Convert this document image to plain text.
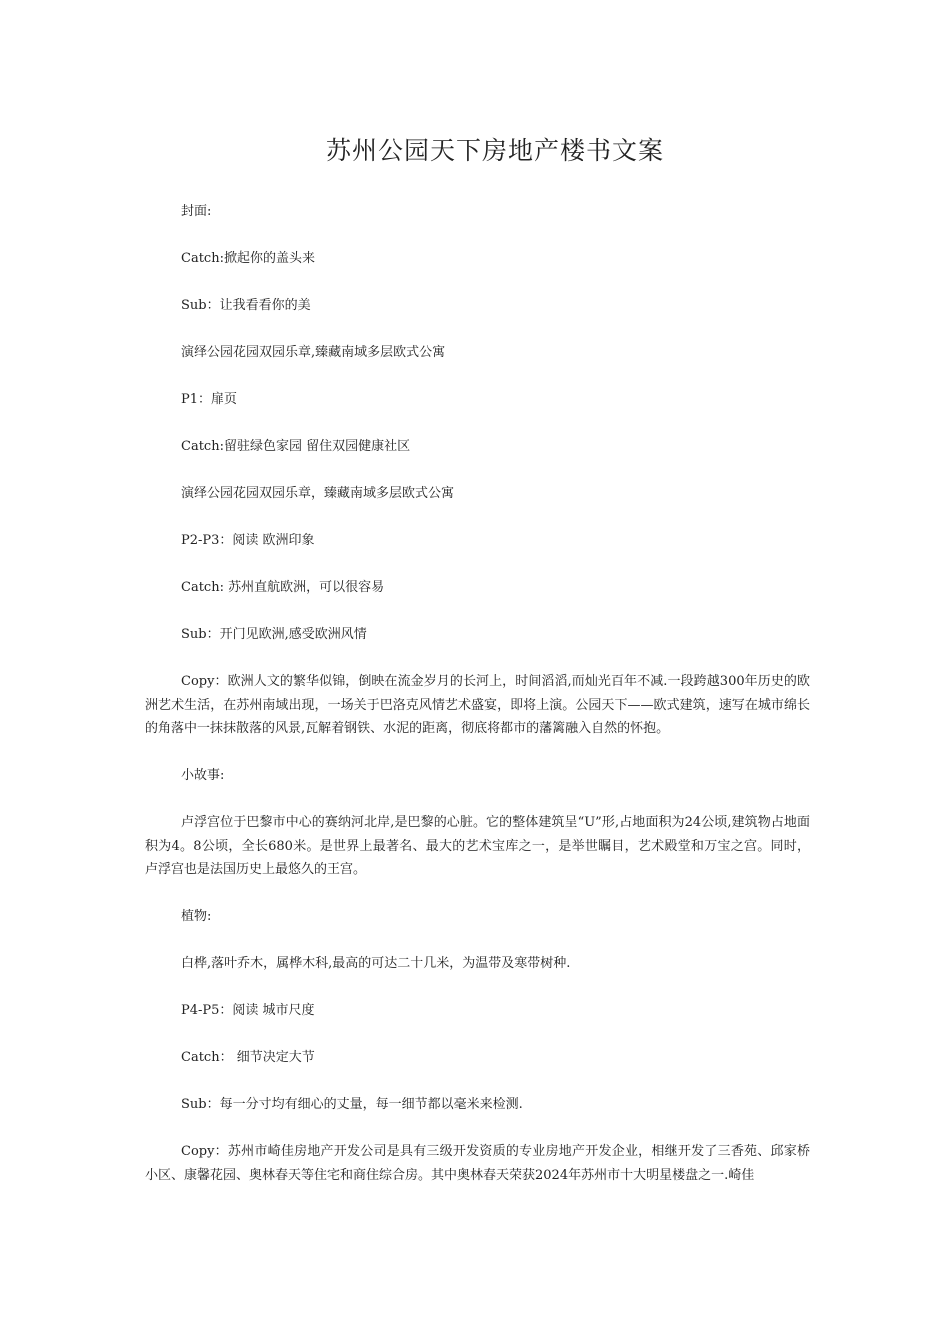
苏州公园天下房地产楼书文案

封面:

Catch:掀起你的盖头来

Sub：让我看看你的美

演绎公园花园双园乐章,臻藏南域多层欧式公寓

P1：扉页

Catch:留驻绿色家园 留住双园健康社区

演绎公园花园双园乐章，臻藏南域多层欧式公寓

P2-P3：阅读 欧洲印象

Catch: 苏州直航欧洲，可以很容易

Sub：开门见欧洲,感受欧洲风情

Copy：欧洲人文的繁华似锦，倒映在流金岁月的长河上，时间滔滔,而灿光百年不减.一段跨越300年历史的欧洲艺术生活，在苏州南域出现，一场关于巴洛克风情艺术盛宴，即将上演。公园天下——欧式建筑，速写在城市绵长的角落中一抹抹散落的风景,瓦解着钢铁、水泥的距离，彻底将都市的藩篱融入自然的怀抱。

小故事:

卢浮宫位于巴黎市中心的赛纳河北岸,是巴黎的心脏。它的整体建筑呈“U”形,占地面积为24公顷,建筑物占地面积为4。8公顷，全长680米。是世界上最著名、最大的艺术宝库之一，是举世瞩目，艺术殿堂和万宝之宫。同时，卢浮宫也是法国历史上最悠久的王宫。

植物:

白桦,落叶乔木，属桦木科,最高的可达二十几米，为温带及寒带树种.

P4-P5：阅读 城市尺度

Catch： 细节决定大节

Sub：每一分寸均有细心的丈量，每一细节都以毫米来检测.

Copy：苏州市崎佳房地产开发公司是具有三级开发资质的专业房地产开发企业，相继开发了三香苑、邱家桥小区、康馨花园、奥林春天等住宅和商住综合房。其中奥林春天荣获2024年苏州市十大明星楼盘之一.崎佳
